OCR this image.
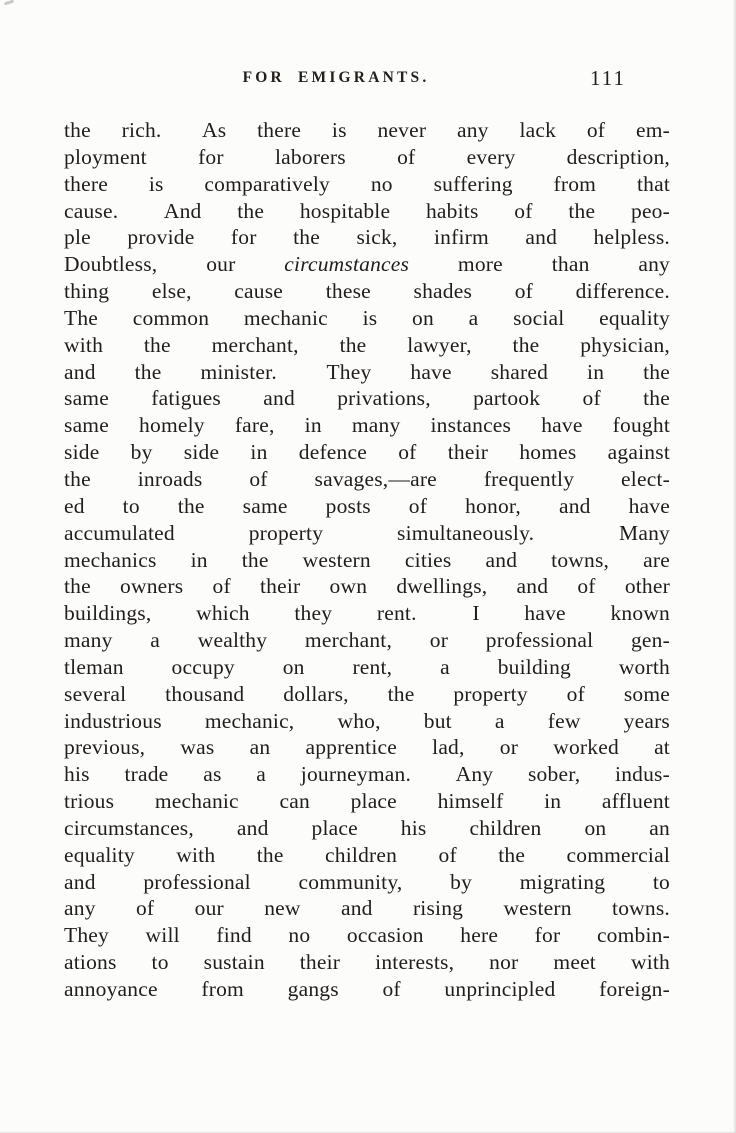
FOR EMIGRANTS.	111
the rich.  As there is never any lack of em-
ployment for laborers of every description,
there is comparatively no suffering from that
cause.  And the hospitable habits of the peo-
ple provide for the sick, infirm and helpless.
Doubtless, our circumstances more than any
thing else, cause these shades of difference.
The common mechanic is on a social equality
with the merchant, the lawyer, the physician,
and the minister.  They have shared in the
same fatigues and privations, partook of the
same homely fare, in many instances have fought
side by side in defence of their homes against
the inroads of savages,—are frequently elect-
ed to the same posts of honor, and have
accumulated property simultaneously.  Many
mechanics in the western cities and towns, are
the owners of their own dwellings, and of other
buildings, which they rent.  I have known
many a wealthy merchant, or professional gen-
tleman occupy on rent, a building worth
several thousand dollars, the property of some
industrious mechanic, who, but a few years
previous, was an apprentice lad, or worked at
his trade as a journeyman.  Any sober, indus-
trious mechanic can place himself in affluent
circumstances, and place his children on an
equality with the children of the commercial
and professional community, by migrating to
any of our new and rising western towns.
They will find no occasion here for combin-
ations to sustain their interests, nor meet with
annoyance from gangs of unprincipled foreign-
